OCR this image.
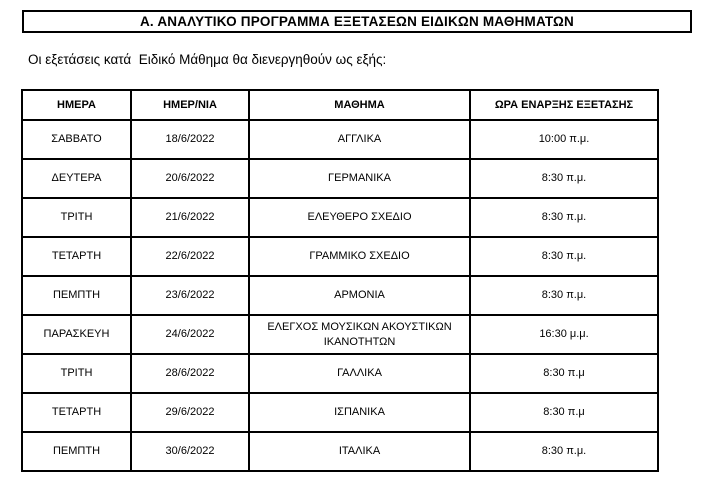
Α. ΑΝΑΛΥΤΙΚΟ ΠΡΟΓΡΑΜΜΑ ΕΞΕΤΑΣΕΩΝ ΕΙΔΙΚΩΝ ΜΑΘΗΜΑΤΩΝ
Οι εξετάσεις κατά  Ειδικό Μάθημα θα διενεργηθούν ως εξής:
ΗΜΕΡΑ	ΗΜΕΡ/ΝΙΑ	ΜΑΘΗΜΑ	ΩΡΑ ΕΝΑΡΞΗΣ ΕΞΕΤΑΣΗΣ
ΣΑΒΒΑΤΟ	18/6/2022	ΑΓΓΛΙΚΑ	10:00 π.μ.
ΔΕΥΤΕΡΑ	20/6/2022	ΓΕΡΜΑΝΙΚΑ	8:30 π.μ.
ΤΡΙΤΗ	21/6/2022	ΕΛΕΥΘΕΡΟ ΣΧΕΔΙΟ	8:30 π.μ.
ΤΕΤΑΡΤΗ	22/6/2022	ΓΡΑΜΜΙΚΟ ΣΧΕΔΙΟ	8:30 π.μ.
ΠΕΜΠΤΗ	23/6/2022	ΑΡΜΟΝΙΑ	8:30 π.μ.
ΠΑΡΑΣΚΕΥΗ	24/6/2022	ΕΛΕΓΧΟΣ ΜΟΥΣΙΚΩΝ ΑΚΟΥΣΤΙΚΩΝ ΙΚΑΝΟΤΗΤΩΝ	16:30 μ.μ.
ΤΡΙΤΗ	28/6/2022	ΓΑΛΛΙΚΑ	8:30 π.μ
ΤΕΤΑΡΤΗ	29/6/2022	ΙΣΠΑΝΙΚΑ	8:30 π.μ
ΠΕΜΠΤΗ	30/6/2022	ΙΤΑΛΙΚΑ	8:30 π.μ.
